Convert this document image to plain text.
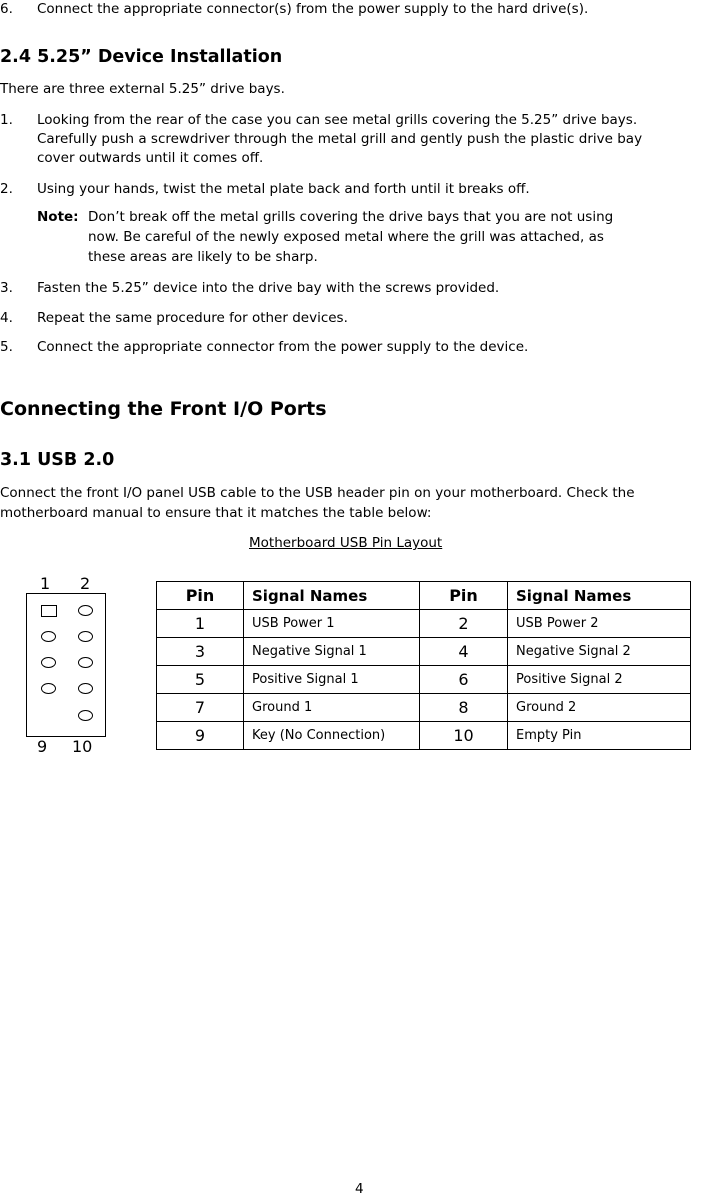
6. Connect the appropriate connector(s) from the power supply to the hard drive(s).
2.4 5.25” Device Installation
There are three external 5.25” drive bays.
1. Looking from the rear of the case you can see metal grills covering the 5.25” drive bays.
Carefully push a screwdriver through the metal grill and gently push the plastic drive bay
cover outwards until it comes off.
2. Using your hands, twist the metal plate back and forth until it breaks off.
Note: Don’t break off the metal grills covering the drive bays that you are not using
now. Be careful of the newly exposed metal where the grill was attached, as
these areas are likely to be sharp.
3. Fasten the 5.25” device into the drive bay with the screws provided.
4. Repeat the same procedure for other devices.
5. Connect the appropriate connector from the power supply to the device.
Connecting the Front I/O Ports
3.1 USB 2.0
Connect the front I/O panel USB cable to the USB header pin on your motherboard. Check the
motherboard manual to ensure that it matches the table below:
Motherboard USB Pin Layout
1 2
9 10
Pin	Signal Names	Pin	Signal Names
1	USB Power 1	2	USB Power 2
3	Negative Signal 1	4	Negative Signal 2
5	Positive Signal 1	6	Positive Signal 2
7	Ground 1	8	Ground 2
9	Key (No Connection)	10	Empty Pin
4
